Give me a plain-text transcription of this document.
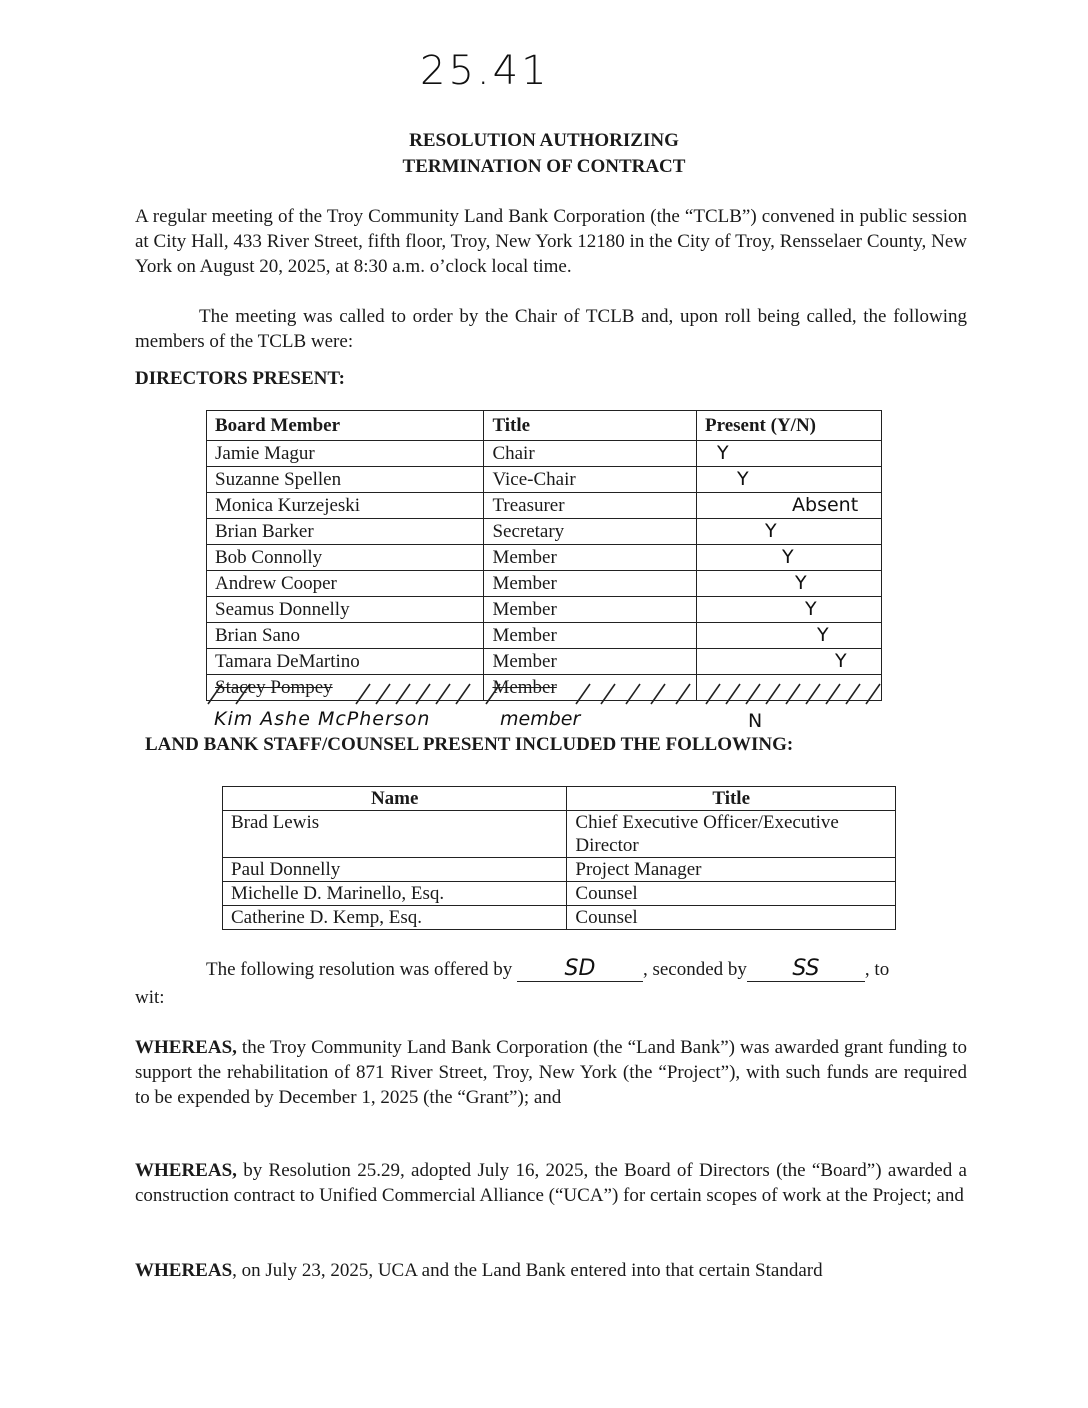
25.41
RESOLUTION AUTHORIZING
TERMINATION OF CONTRACT
A regular meeting of the Troy Community Land Bank Corporation (the “TCLB”) convened in public session at City Hall, 433 River Street, fifth floor, Troy, New York 12180 in the City of Troy, Rensselaer County, New York on August 20, 2025, at 8:30 a.m. o’clock local time.
The meeting was called to order by the Chair of TCLB and, upon roll being called, the following members of the TCLB were:
DIRECTORS PRESENT:
Board Member	Title	Present (Y/N)
Jamie Magur	Chair	Y
Suzanne Spellen	Vice-Chair	Y
Monica Kurzejeski	Treasurer	Absent
Brian Barker	Secretary	Y
Bob Connolly	Member	Y
Andrew Cooper	Member	Y
Seamus Donnelly	Member	Y
Brian Sano	Member	Y
Tamara DeMartino	Member	Y
Stacey Pompey	Member	
Kim Ashe McPherson	member	N
LAND BANK STAFF/COUNSEL PRESENT INCLUDED THE FOLLOWING:
Name	Title
Brad Lewis	Chief Executive Officer/Executive Director
Paul Donnelly	Project Manager
Michelle D. Marinello, Esq.	Counsel
Catherine D. Kemp, Esq.	Counsel
The following resolution was offered by SD	, seconded by SS , to
wit:
WHEREAS, the Troy Community Land Bank Corporation (the “Land Bank”) was awarded grant funding to support the rehabilitation of 871 River Street, Troy, New York (the “Project”), with such funds are required to be expended by December 1, 2025 (the “Grant”); and
WHEREAS, by Resolution 25.29, adopted July 16, 2025, the Board of Directors (the “Board”) awarded a construction contract to Unified Commercial Alliance (“UCA”) for certain scopes of work at the Project; and
WHEREAS, on July 23, 2025, UCA and the Land Bank entered into that certain Standard
